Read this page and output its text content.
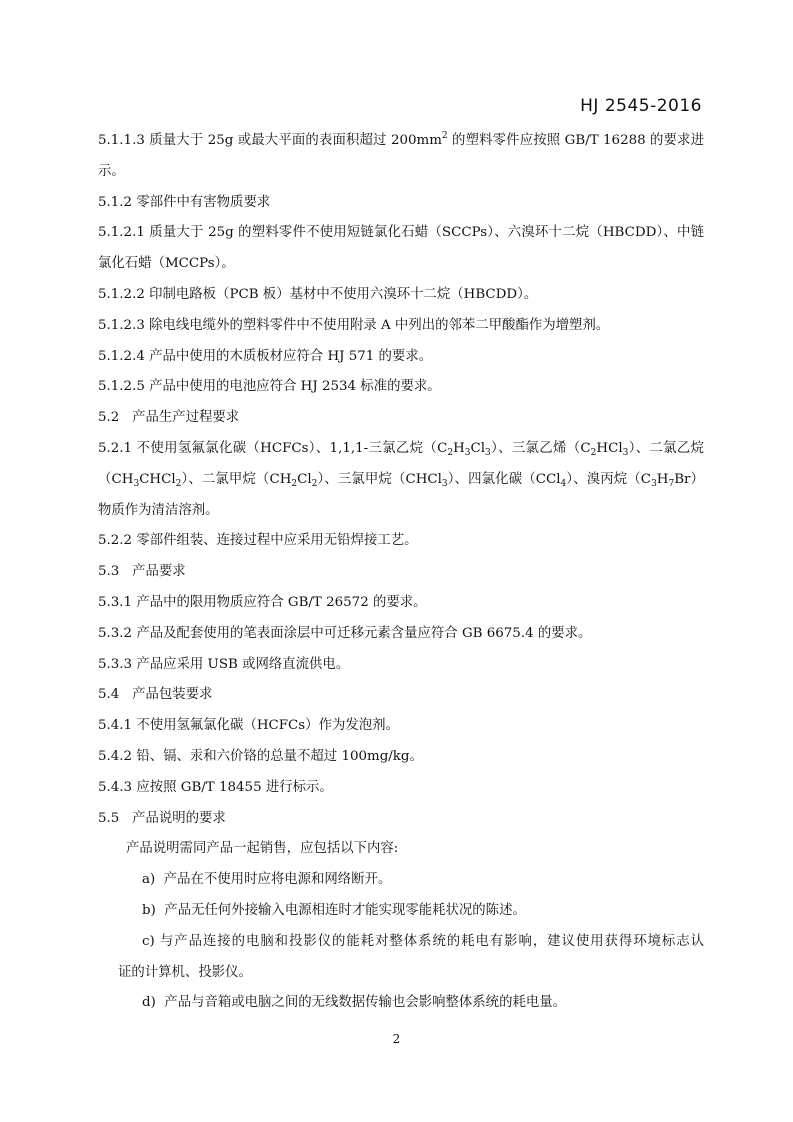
HJ 2545-2016
5.1.1.3 质量大于 25g 或最大平面的表面积超过 $200mm^2$ 的塑料零件应按照 GB/T 16288 的要求进
示。
5.1.2 零部件中有害物质要求
5.1.2.1 质量大于 25g 的塑料零件不使用短链氯化石蜡（SCCPs）、六溴环十二烷（HBCDD）、中链
氯化石蜡（MCCPs）。
5.1.2.2 印制电路板（PCB 板）基材中不使用六溴环十二烷（HBCDD）。
5.1.2.3 除电线电缆外的塑料零件中不使用附录 A 中列出的邻苯二甲酸酯作为增塑剂。
5.1.2.4 产品中使用的木质板材应符合 HJ 571 的要求。
5.1.2.5 产品中使用的电池应符合 HJ 2534 标准的要求。
5.2   产品生产过程要求
5.2.1 不使用氢氟氯化碳（HCFCs）、1,1,1-三氯乙烷$(C_2H_3Cl_3)$、三氯乙烯$(C_2HCl_3)$、二氯乙烷
$(CH_3CHCl_2)$、二氯甲烷$(CH_2Cl_2)$、三氯甲烷（CHCl$_3$）、四氯化碳（CCl$_4$）、溴丙烷$(C_3H_7Br)$
物质作为清洁溶剂。
5.2.2 零部件组装、连接过程中应采用无铅焊接工艺。
5.3   产品要求
5.3.1 产品中的限用物质应符合 GB/T 26572 的要求。
5.3.2 产品及配套使用的笔表面涂层中可迁移元素含量应符合 GB 6675.4 的要求。
5.3.3 产品应采用 USB 或网络直流供电。
5.4   产品包装要求
5.4.1 不使用氢氟氯化碳（HCFCs）作为发泡剂。
5.4.2 铅、镉、汞和六价铬的总量不超过 100mg/kg。
5.4.3 应按照 GB/T 18455 进行标示。
5.5   产品说明的要求
产品说明需同产品一起销售，应包括以下内容:
a)  产品在不使用时应将电源和网络断开。
b)  产品无任何外接输入电源相连时才能实现零能耗状况的陈述。
c) 与产品连接的电脑和投影仪的能耗对整体系统的耗电有影响，建议使用获得环境标志认
证的计算机、投影仪。
d)  产品与音箱或电脑之间的无线数据传输也会影响整体系统的耗电量。
2
